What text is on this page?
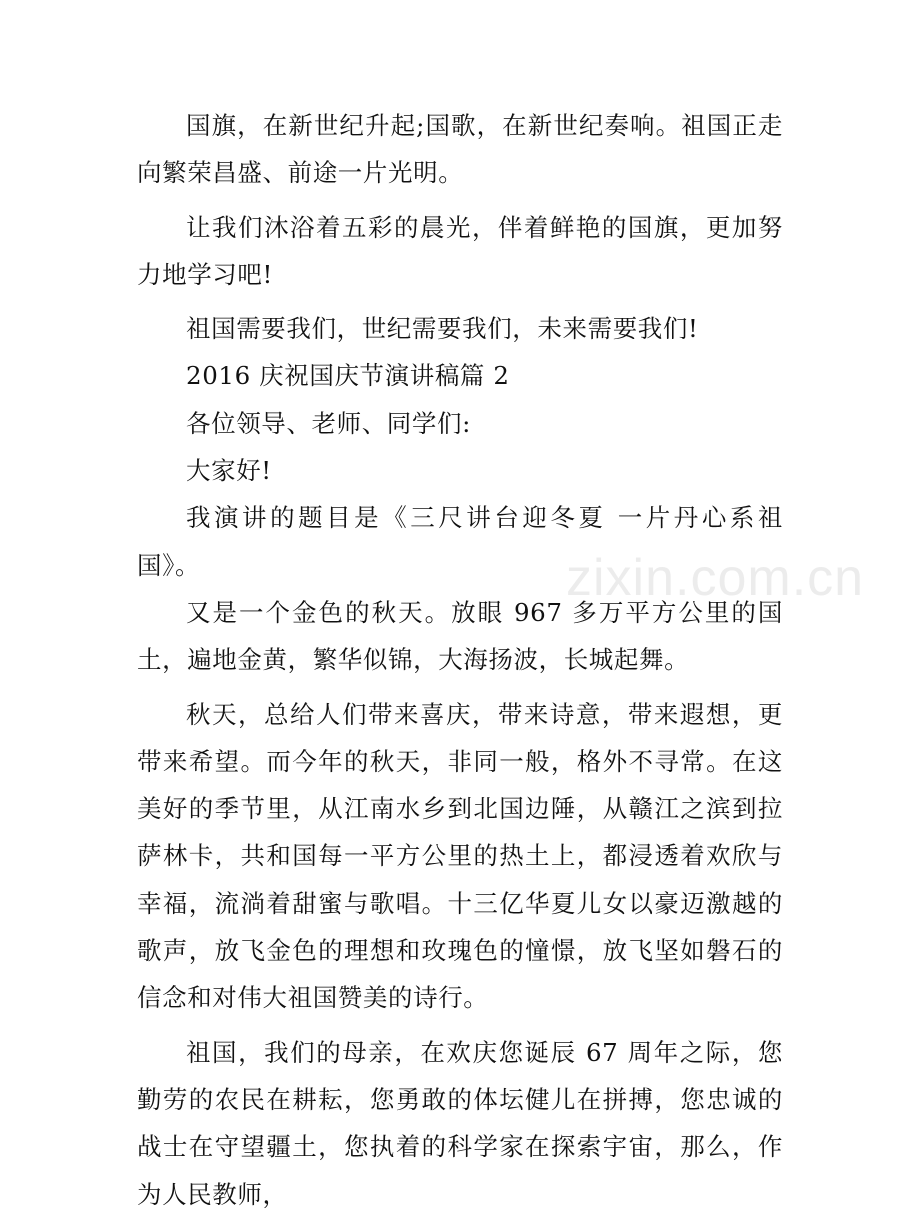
国旗，在新世纪升起;国歌，在新世纪奏响。祖国正走向繁荣昌盛、前途一片光明。

让我们沐浴着五彩的晨光，伴着鲜艳的国旗，更加努力地学习吧!

祖国需要我们，世纪需要我们，未来需要我们!

2016 庆祝国庆节演讲稿篇 2

各位领导、老师、同学们:

大家好!

我演讲的题目是《三尺讲台迎冬夏 一片丹心系祖国》。

又是一个金色的秋天。放眼 967 多万平方公里的国土，遍地金黄，繁华似锦，大海扬波，长城起舞。

秋天，总给人们带来喜庆，带来诗意，带来遐想，更带来希望。而今年的秋天，非同一般，格外不寻常。在这美好的季节里，从江南水乡到北国边陲，从赣江之滨到拉萨林卡，共和国每一平方公里的热土上，都浸透着欢欣与幸福，流淌着甜蜜与歌唱。十三亿华夏儿女以豪迈激越的歌声，放飞金色的理想和玫瑰色的憧憬，放飞坚如磐石的信念和对伟大祖国赞美的诗行。

祖国，我们的母亲，在欢庆您诞辰 67 周年之际，您勤劳的农民在耕耘，您勇敢的体坛健儿在拼搏，您忠诚的战士在守望疆土，您执着的科学家在探索宇宙，那么，作为人民教师，

zixin.com.cn
